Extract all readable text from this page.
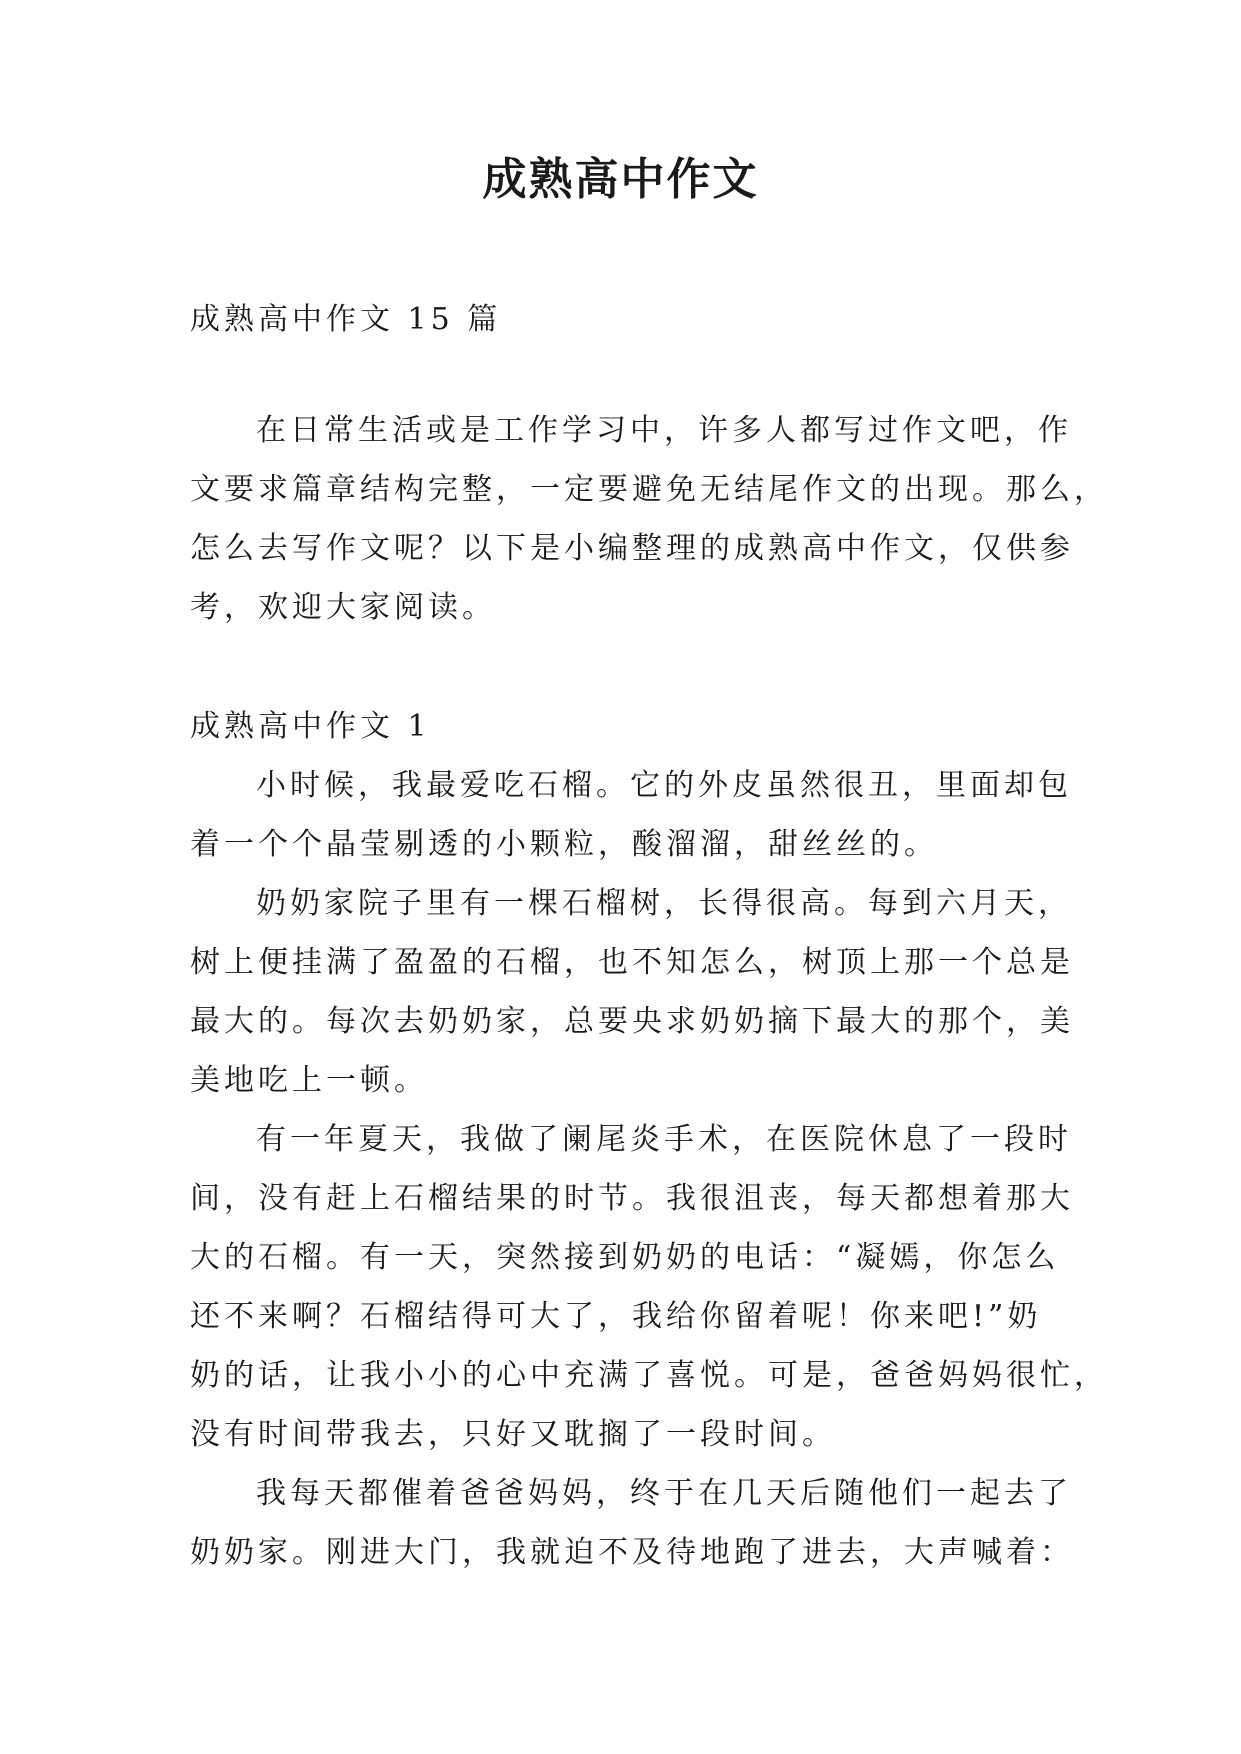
成熟高中作文

成熟高中作文 15 篇

在日常生活或是工作学习中，许多人都写过作文吧，作
文要求篇章结构完整，一定要避免无结尾作文的出现。那么，
怎么去写作文呢？以下是小编整理的成熟高中作文，仅供参
考，欢迎大家阅读。

成熟高中作文 1

小时候，我最爱吃石榴。它的外皮虽然很丑，里面却包
着一个个晶莹剔透的小颗粒，酸溜溜，甜丝丝的。
奶奶家院子里有一棵石榴树，长得很高。每到六月天，
树上便挂满了盈盈的石榴，也不知怎么，树顶上那一个总是
最大的。每次去奶奶家，总要央求奶奶摘下最大的那个，美
美地吃上一顿。
有一年夏天，我做了阑尾炎手术，在医院休息了一段时
间，没有赶上石榴结果的时节。我很沮丧，每天都想着那大
大的石榴。有一天，突然接到奶奶的电话：“凝嫣，你怎么
还不来啊？石榴结得可大了，我给你留着呢！你来吧!”奶
奶的话，让我小小的心中充满了喜悦。可是，爸爸妈妈很忙，
没有时间带我去，只好又耽搁了一段时间。
我每天都催着爸爸妈妈，终于在几天后随他们一起去了
奶奶家。刚进大门，我就迫不及待地跑了进去，大声喊着：
